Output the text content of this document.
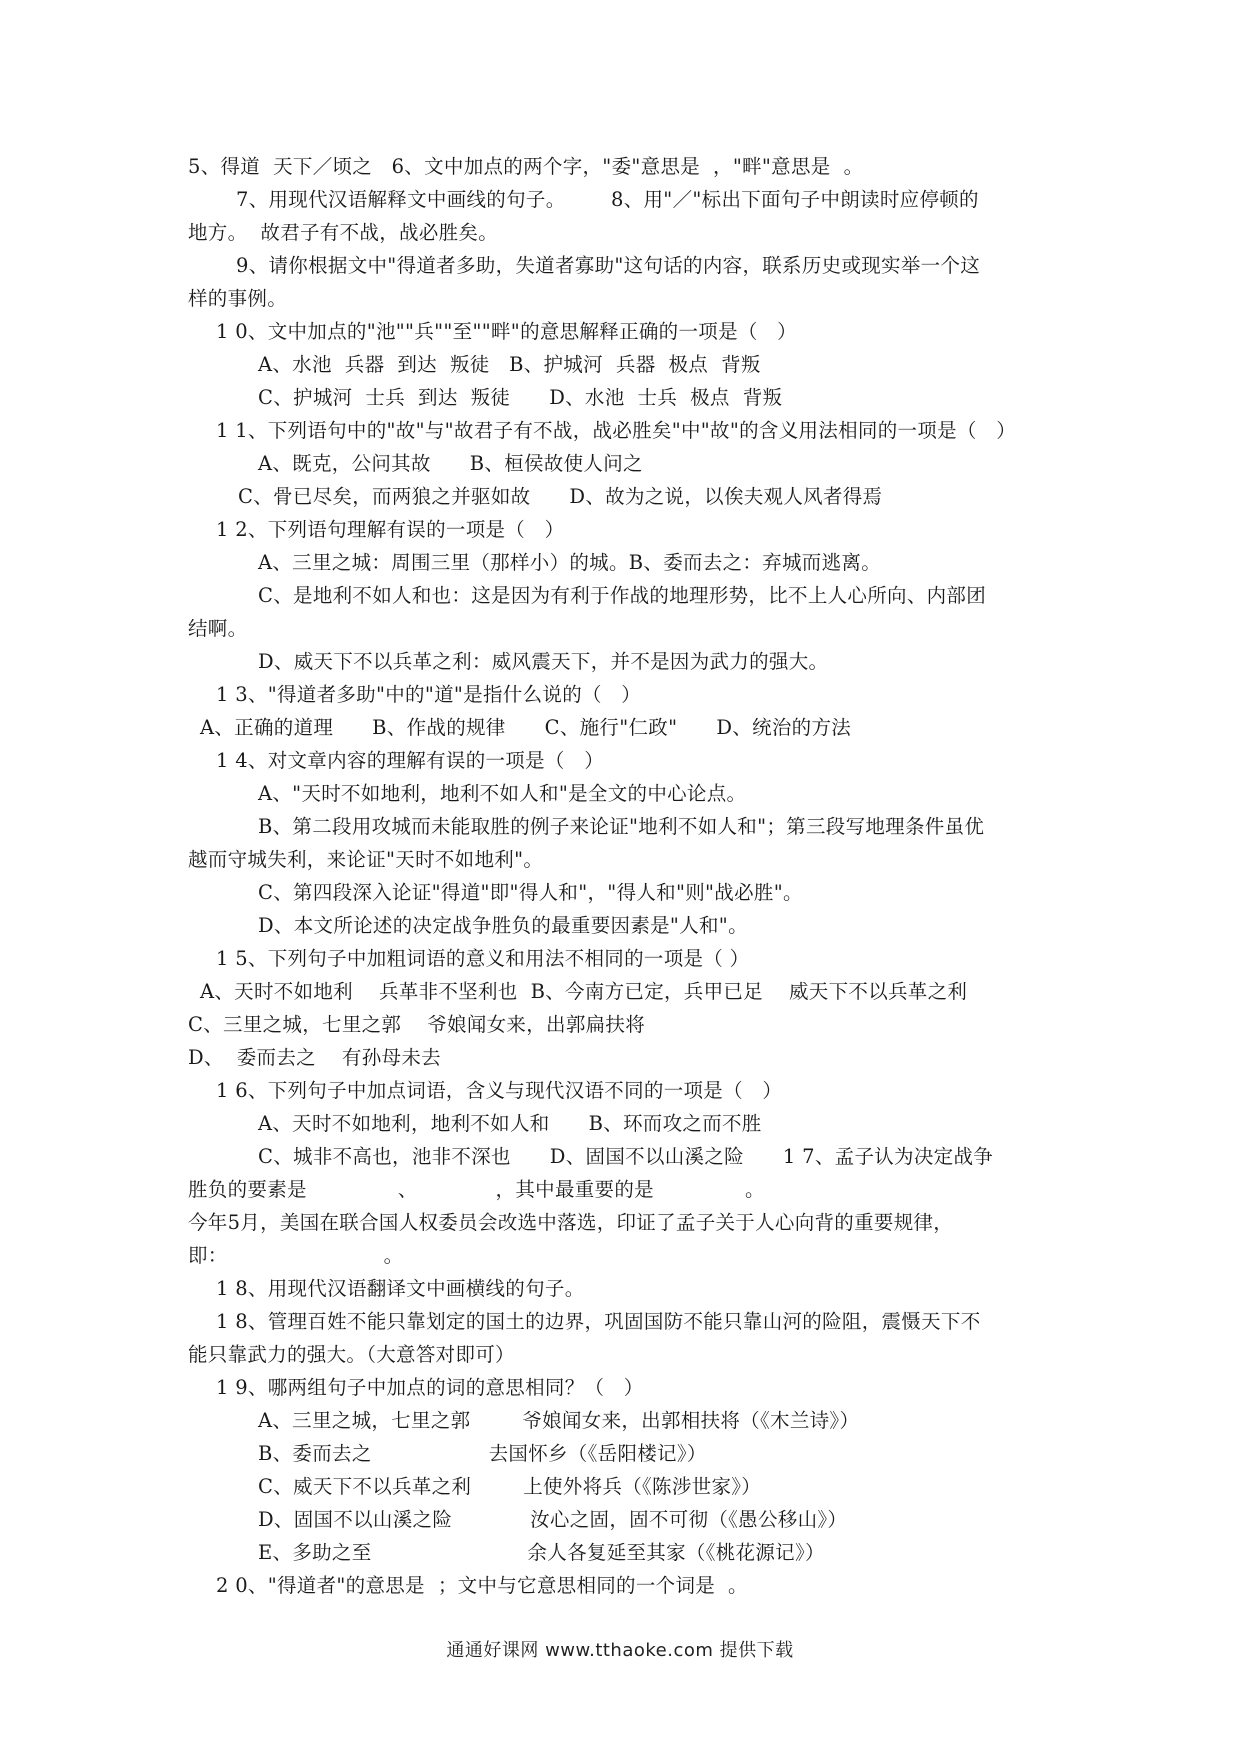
5、得道  天下／顷之   6、文中加点的两个字，"委"意思是  ，"畔"意思是  。
7、用现代汉语解释文中画线的句子。       8、用"／"标出下面句子中朗读时应停顿的
地方。  故君子有不战，战必胜矣。
9、请你根据文中"得道者多助，失道者寡助"这句话的内容，联系历史或现实举一个这
样的事例。
1 0、文中加点的"池""兵""至""畔"的意思解释正确的一项是（   ）
A、水池  兵器  到达  叛徒   B、护城河  兵器  极点  背叛
C、护城河  士兵  到达  叛徒      D、水池  士兵  极点  背叛
1 1、下列语句中的"故"与"故君子有不战，战必胜矣"中"故"的含义用法相同的一项是（   ）
A、既克，公问其故      B、桓侯故使人问之
C、骨已尽矣，而两狼之并驱如故      D、故为之说，以俟夫观人风者得焉
1 2、下列语句理解有误的一项是（   ）
A、三里之城：周围三里（那样小）的城。B、委而去之：弃城而逃离。
C、是地利不如人和也：这是因为有利于作战的地理形势，比不上人心所向、内部团
结啊。
D、威天下不以兵革之利：威风震天下，并不是因为武力的强大。
1 3、"得道者多助"中的"道"是指什么说的（   ）
A、正确的道理      B、作战的规律      C、施行"仁政"      D、统治的方法
1 4、对文章内容的理解有误的一项是（   ）
A、"天时不如地利，地利不如人和"是全文的中心论点。
B、第二段用攻城而未能取胜的例子来论证"地利不如人和"；第三段写地理条件虽优
越而守城失利，来论证"天时不如地利"。
C、第四段深入论证"得道"即"得人和"，"得人和"则"战必胜"。
D、本文所论述的决定战争胜负的最重要因素是"人和"。
1 5、下列句子中加粗词语的意义和用法不相同的一项是（ ）
A、天时不如地利    兵革非不坚利也  B、今南方已定，兵甲已足    威天下不以兵革之利
C、三里之城，七里之郭    爷娘闻女来，出郭扁扶将
D、  委而去之    有孙母未去
1 6、下列句子中加点词语，含义与现代汉语不同的一项是（   ）
A、天时不如地利，地利不如人和      B、环而攻之而不胜
C、城非不高也，池非不深也      D、固国不以山溪之险      1 7、孟子认为决定战争
胜负的要素是              、            ，其中最重要的是              。
今年5月，美国在联合国人权委员会改选中落选，印证了孟子关于人心向背的重要规律，
即：                        。
1 8、用现代汉语翻译文中画横线的句子。
1 8、管理百姓不能只靠划定的国土的边界，巩固国防不能只靠山河的险阻，震慑天下不
能只靠武力的强大。（大意答对即可）
1 9、哪两组句子中加点的词的意思相同？（   ）
A、三里之城，七里之郭        爷娘闻女来，出郭相扶将（《木兰诗》）
B、委而去之                  去国怀乡（《岳阳楼记》）
C、威天下不以兵革之利        上使外将兵（《陈涉世家》）
D、固国不以山溪之险            汝心之固，固不可彻（《愚公移山》）
E、多助之至                        余人各复延至其家（《桃花源记》）
2 0、"得道者"的意思是  ；文中与它意思相同的一个词是  。
通通好课网 www.tthaoke.com 提供下载
